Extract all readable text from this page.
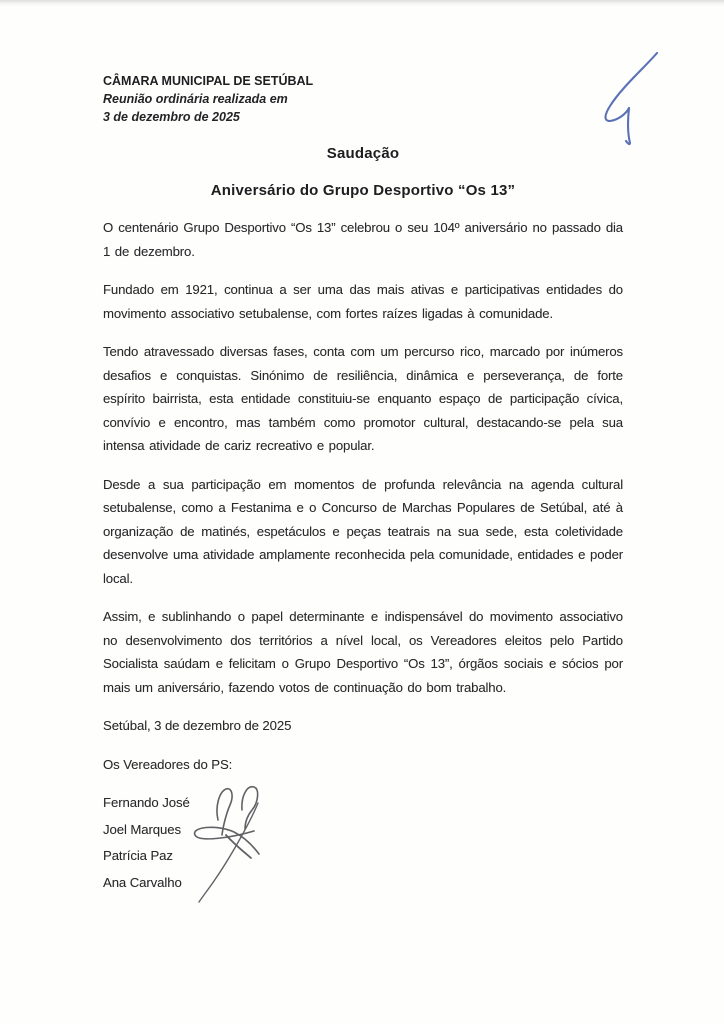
CÂMARA MUNICIPAL DE SETÚBAL
Reunião ordinária realizada em
3 de dezembro de 2025
Saudação
Aniversário do Grupo Desportivo “Os 13”

O centenário Grupo Desportivo “Os 13” celebrou o seu 104º aniversário no passado dia 1 de dezembro.

Fundado em 1921, continua a ser uma das mais ativas e participativas entidades do movimento associativo setubalense, com fortes raízes ligadas à comunidade.

Tendo atravessado diversas fases, conta com um percurso rico, marcado por inúmeros desafios e conquistas. Sinónimo de resiliência, dinâmica e perseverança, de forte espírito bairrista, esta entidade constituiu-se enquanto espaço de participação cívica, convívio e encontro, mas também como promotor cultural, destacando-se pela sua intensa atividade de cariz recreativo e popular.

Desde a sua participação em momentos de profunda relevância na agenda cultural setubalense, como a Festanima e o Concurso de Marchas Populares de Setúbal, até à organização de matinés, espetáculos e peças teatrais na sua sede, esta coletividade desenvolve uma atividade amplamente reconhecida pela comunidade, entidades e poder local.

Assim, e sublinhando o papel determinante e indispensável do movimento associativo no desenvolvimento dos territórios a nível local, os Vereadores eleitos pelo Partido Socialista saúdam e felicitam o Grupo Desportivo “Os 13”, órgãos sociais e sócios por mais um aniversário, fazendo votos de continuação do bom trabalho.

Setúbal, 3 de dezembro de 2025

Os Vereadores do PS:

Fernando José
Joel Marques
Patrícia Paz
Ana Carvalho
